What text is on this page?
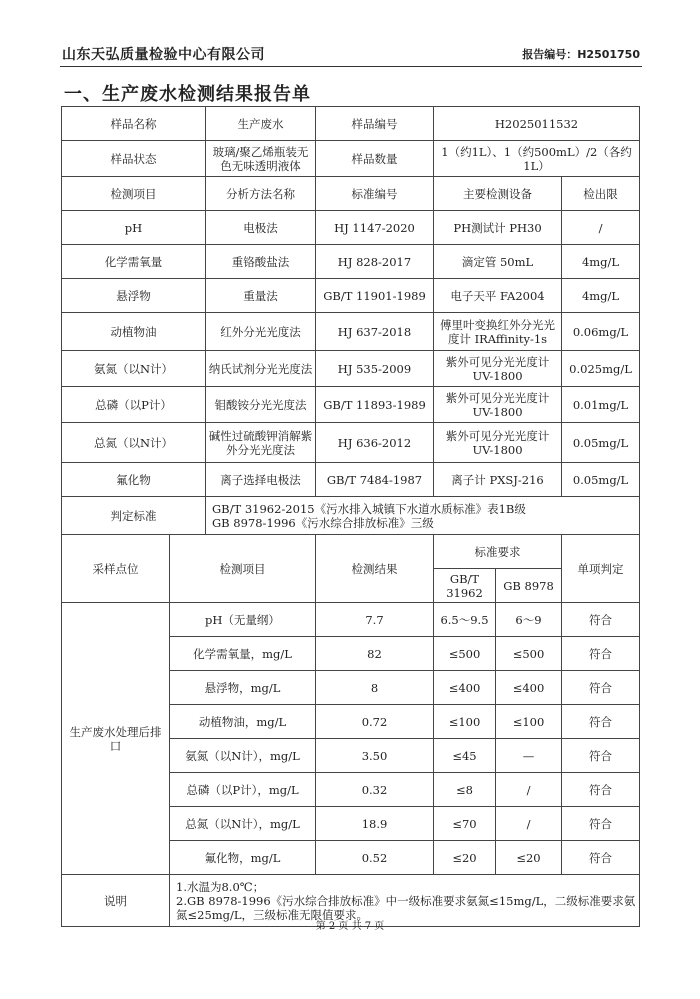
山东天弘质量检验中心有限公司	报告编号：H2501750
一、生产废水检测结果报告单
样品名称		生产废水	样品编号	H2025011532		
样品状态		玻璃/聚乙烯瓶装无色无味透明液体	样品数量	1（约1L）、1（约500mL）/2（各约1L）		
检测项目		分析方法名称	标准编号	主要检测设备		检出限
pH		电极法	HJ 1147-2020	PH测试计 PH30		/
化学需氧量		重铬酸盐法	HJ 828-2017	滴定管 50mL		4mg/L
悬浮物		重量法	GB/T 11901-1989	电子天平 FA2004		4mg/L
动植物油		红外分光光度法	HJ 637-2018	傅里叶变换红外分光光度计 IRAffinity-1s		0.06mg/L
氨氮（以N计）		纳氏试剂分光光度法	HJ 535-2009	紫外可见分光光度计 UV-1800		0.025mg/L
总磷（以P计）		钼酸铵分光光度法	GB/T 11893-1989	紫外可见分光光度计 UV-1800		0.01mg/L
总氮（以N计）		碱性过硫酸钾消解紫外分光光度法	HJ 636-2012	紫外可见分光光度计 UV-1800		0.05mg/L
氟化物		离子选择电极法	GB/T 7484-1987	离子计 PXSJ-216		0.05mg/L
判定标准		GB/T 31962-2015《污水排入城镇下水道水质标准》表1B级
GB 8978-1996《污水综合排放标准》三级				

采样点位	检测项目		检测结果	标准要求		单项判定
				GB/T 31962	GB 8978	
生产废水处理后排口	pH（无量纲）		7.7	6.5～9.5	6～9	符合
	化学需氧量，mg/L		82	≤500	≤500	符合
	悬浮物，mg/L		8	≤400	≤400	符合
	动植物油，mg/L		0.72	≤100	≤100	符合
	氨氮（以N计），mg/L		3.50	≤45	—	符合
	总磷（以P计），mg/L		0.32	≤8	/	符合
	总氮（以N计），mg/L		18.9	≤70	/	符合
	氟化物，mg/L		0.52	≤20	≤20	符合
说明	1.水温为8.0℃；
2.GB 8978-1996《污水综合排放标准》中一级标准要求氨氮≤15mg/L，二级标准要求氨氮≤25mg/L，三级标准无限值要求。					
第 2 页 共 7 页
